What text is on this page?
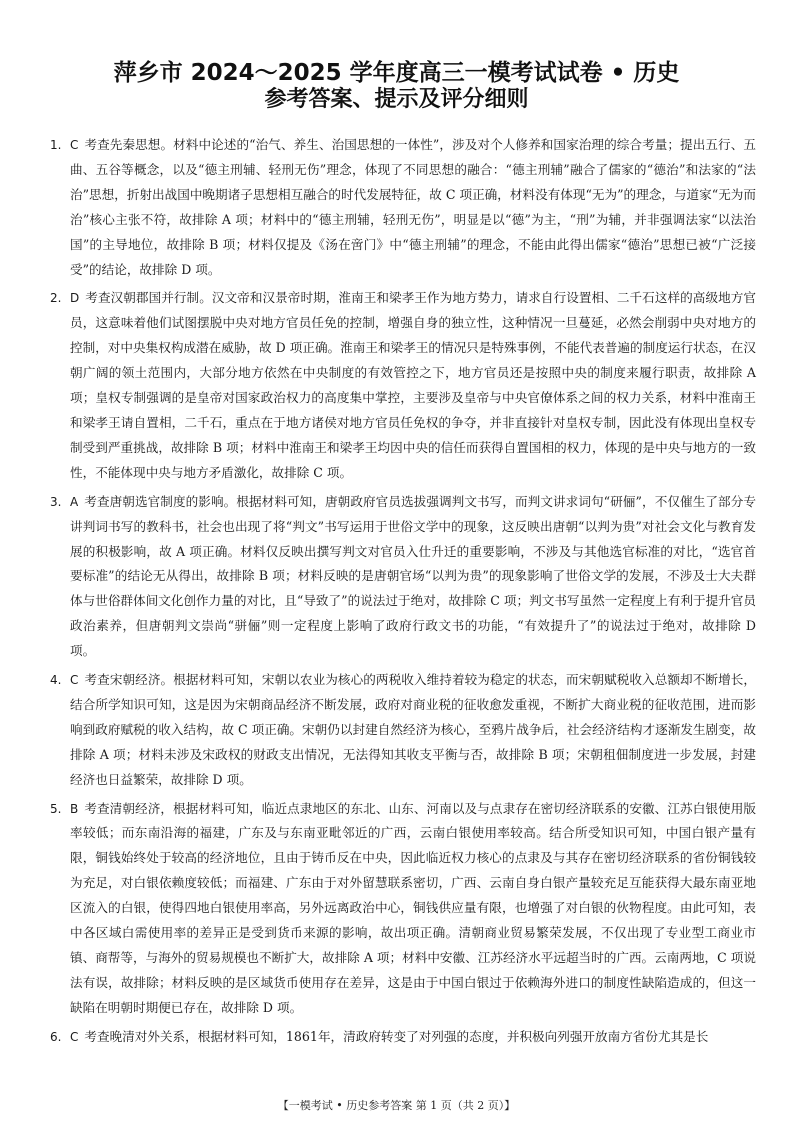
萍乡市 2024～2025 学年度高三一模考试试卷 • 历史
参考答案、提示及评分细则
1. C 考查先秦思想。材料中论述的“治气、养生、治国思想的一体性”，涉及对个人修养和国家治理的综合考量；提出五行、五曲、五谷等概念，以及“德主刑辅、轻刑无伤”理念，体现了不同思想的融合：“德主刑辅”融合了儒家的“德治”和法家的“法治”思想，折射出战国中晚期诸子思想相互融合的时代发展特征，故 C 项正确，材料没有体现“无为”的理念，与道家“无为而治”核心主张不符，故排除 A 项；材料中的“德主刑辅，轻刑无伤”，明显是以“德”为主，“刑”为辅，并非强调法家“以法治国”的主导地位，故排除 B 项；材料仅提及《汤在啻门》中“德主刑辅”的理念，不能由此得出儒家“德治”思想已被“广泛接受”的结论，故排除 D 项。
2. D 考查汉朝郡国并行制。汉文帝和汉景帝时期，淮南王和梁孝王作为地方势力，请求自行设置相、二千石这样的高级地方官员，这意味着他们试图摆脱中央对地方官员任免的控制，增强自身的独立性，这种情况一旦蔓延，必然会削弱中央对地方的控制，对中央集权构成潜在威胁，故 D 项正确。淮南王和梁孝王的情况只是特殊事例，不能代表普遍的制度运行状态，在汉朝广阔的领土范围内，大部分地方依然在中央制度的有效管控之下，地方官员还是按照中央的制度来履行职责，故排除 A 项；皇权专制强调的是皇帝对国家政治权力的高度集中掌控，主要涉及皇帝与中央官僚体系之间的权力关系，材料中淮南王和梁孝王请自置相，二千石，重点在于地方诸侯对地方官员任免权的争夺，并非直接针对皇权专制，因此没有体现出皇权专制受到严重挑战，故排除 B 项；材料中淮南王和梁孝王均因中央的信任而获得自置国相的权力，体现的是中央与地方的一致性，不能体现中央与地方矛盾激化，故排除 C 项。
3. A 考查唐朝选官制度的影响。根据材料可知，唐朝政府官员选拔强调判文书写，而判文讲求词句“研俪”，不仅催生了部分专讲判词书写的教科书，社会也出现了将“判文”书写运用于世俗文学中的现象，这反映出唐朝“以判为贵”对社会文化与教育发展的积极影响，故 A 项正确。材料仅反映出撰写判文对官员入仕升迁的重要影响，不涉及与其他选官标准的对比，“选官首要标准”的结论无从得出，故排除 B 项；材料反映的是唐朝官场“以判为贵”的现象影响了世俗文学的发展，不涉及士大夫群体与世俗群体间文化创作力量的对比，且“导致了”的说法过于绝对，故排除 C 项；判文书写虽然一定程度上有利于提升官员政治素养，但唐朝判文崇尚“骈俪”则一定程度上影响了政府行政文书的功能，“有效提升了”的说法过于绝对，故排除 D 项。
4. C 考查宋朝经济。根据材料可知，宋朝以农业为核心的两税收入维持着较为稳定的状态，而宋朝赋税收入总额却不断增长，结合所学知识可知，这是因为宋朝商品经济不断发展，政府对商业税的征收愈发重视，不断扩大商业税的征收范围，进而影响到政府赋税的收入结构，故 C 项正确。宋朝仍以封建自然经济为核心，至鸦片战争后，社会经济结构才逐渐发生剧变，故排除 A 项；材料未涉及宋政权的财政支出情况，无法得知其收支平衡与否，故排除 B 项；宋朝租佃制度进一步发展，封建经济也日益繁荣，故排除 D 项。
5. B 考查清朝经济，根据材料可知，临近点隶地区的东北、山东、河南以及与点隶存在密切经济联系的安徽、江苏白银使用版率较低；而东南沿海的福建，广东及与东南亚毗邻近的广西，云南白银使用率较高。结合所受知识可知，中国白银产量有限，铜钱始终处于较高的经济地位，且由于铸币反在中央，因此临近权力核心的点隶及与其存在密切经济联系的省份铜钱较为充足，对白银依赖度较低；而福建、广东由于对外留慧联系密切，广西、云南自身白银产量较充足互能获得大最东南亚地区流入的白银，使得四地白银使用率高，另外远离政治中心，铜钱供应量有限，也增强了对白银的伙物程度。由此可知，表中各区域白需使用率的差异正是受到货币来源的影响，故出项正确。清朝商业贸易繁荣发展，不仅出现了专业型工商业市镇、商帮等，与海外的贸易规模也不断扩大，故排除 A 项；材料中安徽、江苏经济水平远超当时的广西。云南两地，C 项说法有误，故排除；材料反映的是区域货币使用存在差异，这是由于中国白银过于依赖海外进口的制度性缺陷造成的，但这一缺陷在明朝时期便已存在，故排除 D 项。
6. C 考查晚清对外关系，根据材料可知，1861年，清政府转变了对列强的态度，并积极向列强开放南方省份尤其是长
【一模考试 • 历史参考答案 第 1 页（共 2 页）】
